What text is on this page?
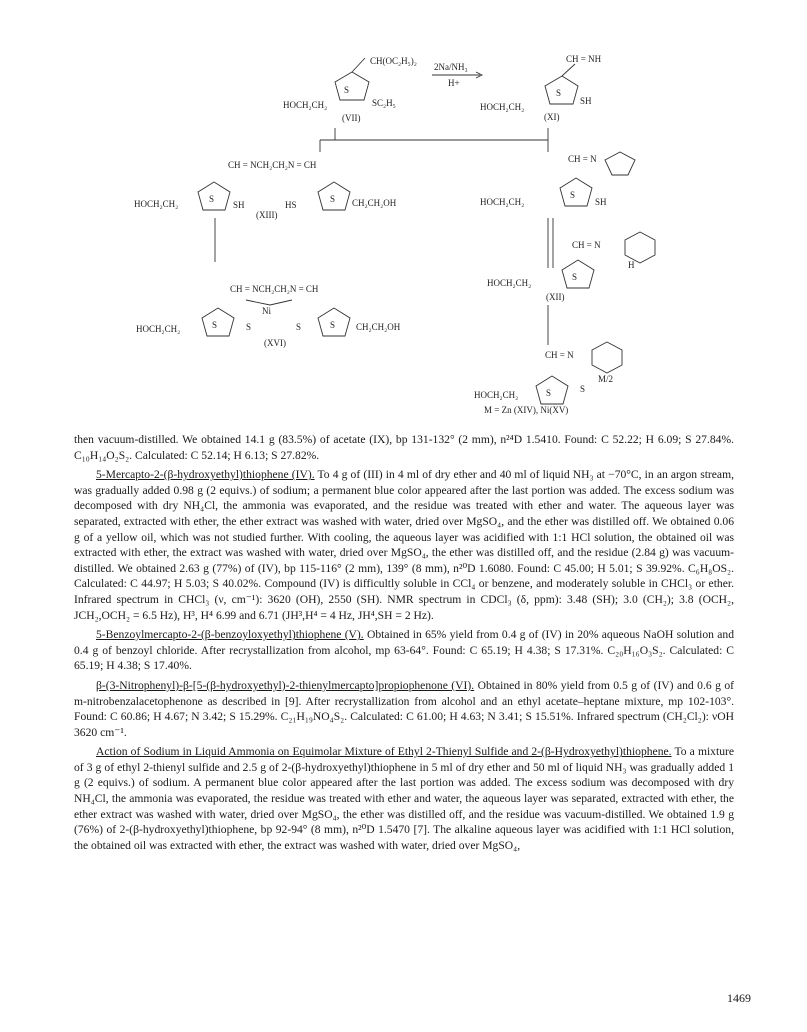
CH(OC₂H₅)₂
2Na/NH₃
H+
S
SC₂H₅
HOCH₂CH₂
(VII)
CH = NH
S
HOCH₂CH₂
SH
(XI)
CH = NCH₂CH₂N = CH
HOCH₂CH₂	S
SH	HS
S CH₂CH₂OH
(XIII)
CH = N
HOCH₂CH₂
S
SH
CH = N
H
HOCH₂CH₂
S
(XII)
CH = NCH₂CH₂N = CH
Ni
HOCH₂CH₂	S	S	S	S CH₂CH₂OH
(XVI)
CH = N
M/2
HOCH₂CH₂	S	S
M = Zn (XIV), Ni(XV)

then vacuum-distilled. We obtained 14.1 g (83.5%) of acetate (IX), bp 131-132° (2 mm), n²⁴D 1.5410. Found: C 52.22; H 6.09; S 27.84%. C₁₀H₁₄O₂S₂. Calculated: C 52.14; H 6.13; S 27.82%.

5-Mercapto-2-(β-hydroxyethyl)thiophene (IV). To 4 g of (III) in 4 ml of dry ether and 40 ml of liquid NH₃ at −70°C, in an argon stream, was gradually added 0.98 g (2 equivs.) of sodium; a permanent blue color appeared after the last portion was added. The excess sodium was decomposed with dry NH₄Cl, the ammonia was evaporated, and the residue was treated with ether and water. The aqueous layer was separated, extracted with ether, the ether extract was washed with water, dried over MgSO₄, and the ether was distilled off. We obtained 0.06 g of a yellow oil, which was not studied further. With cooling, the aqueous layer was acidified with 1:1 HCl solution, the obtained oil was extracted with ether, the extract was washed with water, dried over MgSO₄, the ether was distilled off, and the residue (2.84 g) was vacuum-distilled. We obtained 2.63 g (77%) of (IV), bp 115-116° (2 mm), 139° (8 mm), n²⁰D 1.6080. Found: C 45.00; H 5.01; S 39.92%. C₆H₈OS₂. Calculated: C 44.97; H 5.03; S 40.02%. Compound (IV) is difficultly soluble in CCl₄ or benzene, and moderately soluble in CHCl₃ or ether. Infrared spectrum in CHCl₃ (ν, cm⁻¹): 3620 (OH), 2550 (SH). NMR spectrum in CDCl₃ (δ, ppm): 3.48 (SH); 3.0 (CH₂); 3.8 (OCH₂, JCH₂,OCH₂ = 6.5 Hz), H³, H⁴ 6.99 and 6.71 (JH³,H⁴ = 4 Hz, JH⁴,SH = 2 Hz).

5-Benzoylmercapto-2-(β-benzoyloxyethyl)thiophene (V). Obtained in 65% yield from 0.4 g of (IV) in 20% aqueous NaOH solution and 0.4 g of benzoyl chloride. After recrystallization from alcohol, mp 63-64°. Found: C 65.19; H 4.38; S 17.31%. C₂₀H₁₆O₃S₂. Calculated: C 65.19; H 4.38; S 17.40%.

β-(3-Nitrophenyl)-β-[5-(β-hydroxyethyl)-2-thienylmercapto]propiophenone (VI). Obtained in 80% yield from 0.5 g of (IV) and 0.6 g of m-nitrobenzalacetophenone as described in [9]. After recrystallization from alcohol and an ethyl acetate–heptane mixture, mp 102-103°. Found: C 60.86; H 4.67; N 3.42; S 15.29%. C₂₁H₁₉NO₄S₂. Calculated: C 61.00; H 4.63; N 3.41; S 15.51%. Infrared spectrum (CH₂Cl₂): νOH 3620 cm⁻¹.

Action of Sodium in Liquid Ammonia on Equimolar Mixture of Ethyl 2-Thienyl Sulfide and 2-(β-Hydroxyethyl)thiophene. To a mixture of 3 g of ethyl 2-thienyl sulfide and 2.5 g of 2-(β-hydroxyethyl)thiophene in 5 ml of dry ether and 50 ml of liquid NH₃ was gradually added 1 g (2 equivs.) of sodium. A permanent blue color appeared after the last portion was added. The excess sodium was decomposed with dry NH₄Cl, the ammonia was evaporated, the residue was treated with ether and water, the aqueous layer was separated, extracted with ether, the ether extract was washed with water, dried over MgSO₄, the ether was distilled off, and the residue was vacuum-distilled. We obtained 1.9 g (76%) of 2-(β-hydroxyethyl)thiophene, bp 92-94° (8 mm), n²⁰D 1.5470 [7]. The alkaline aqueous layer was acidified with 1:1 HCl solution, the obtained oil was extracted with ether, the extract was washed with water, dried over MgSO₄,

1469
